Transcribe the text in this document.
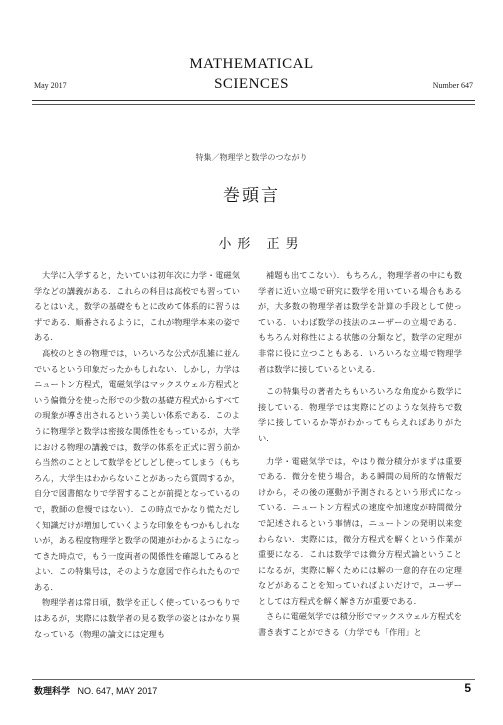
MATHEMATICAL
SCIENCES
May 2017	Number 647
特集／物理学と数学のつながり
巻頭言
小形 正男

大学に入学すると，たいていは初年次に力学・電磁気学などの講義がある．これらの科目は高校でも習っているとはいえ，数学の基礎をもとに改めて体系的に習うはずである．順番されるように，これが物理学本来の姿である．

高校のときの物理では，いろいろな公式が乱雑に並んでいるという印象だったかもしれない．しかし，力学はニュートン方程式，電磁気学はマックスウェル方程式という偏微分を使った形での少数の基礎方程式からすべての現象が導き出されるという美しい体系である．このように物理学と数学は密接な関係性をもっているが，大学における物理の講義では，数学の体系を正式に習う前から当然のこととして数学をどしどし使ってしまう（もちろん，大学生はわからないことがあったら質問するか，自分で図書館なりで学習することが前提となっているので，教師の怠慢ではない）．この時点でかなり慌ただしく知識だけが増加していくような印象をもつかもしれないが，ある程度物理学と数学の関連がわかるようになってきた時点で，もう一度両者の関係性を確認してみるとよい．この特集号は，そのような意図で作られたものである．

物理学者は常日頃，数学を正しく使っているつもりではあるが，実際には数学者の見る数学の姿とはかなり異なっている（物理の論文には定理も

補題も出てこない）．もちろん，物理学者の中にも数学者に近い立場で研究に数学を用いている場合もあるが，大多数の物理学者は数学を計算の手段として使っている．いわば数学の技法のユーザーの立場である．もちろん対称性による状態の分類など，数学の定理が非常に役に立つこともある．いろいろな立場で物理学者は数学に接しているといえる．

この特集号の著者たちもいろいろな角度から数学に接している．物理学では実際にどのような気持ちで数学に接しているか等がわかってもらえればありがたい．

力学・電磁気学では，やはり微分積分がまずは重要である．微分を使う場合，ある瞬間の局所的な情報だけから，その後の運動が予測されるという形式になっている．ニュートン方程式の速度や加速度が時間微分で記述されるという事情は，ニュートンの発明以来変わらない．実際には，微分方程式を解くという作業が重要になる．これは数学では微分方程式論ということになるが，実際に解くためには解の一意的存在の定理などがあることを知っていればよいだけで，ユーザーとしては方程式を解く解き方が重要である．

さらに電磁気学では積分形でマックスウェル方程式を書き表すことができる（力学でも「作用」と

数理科学 NO. 647, MAY 2017	5
